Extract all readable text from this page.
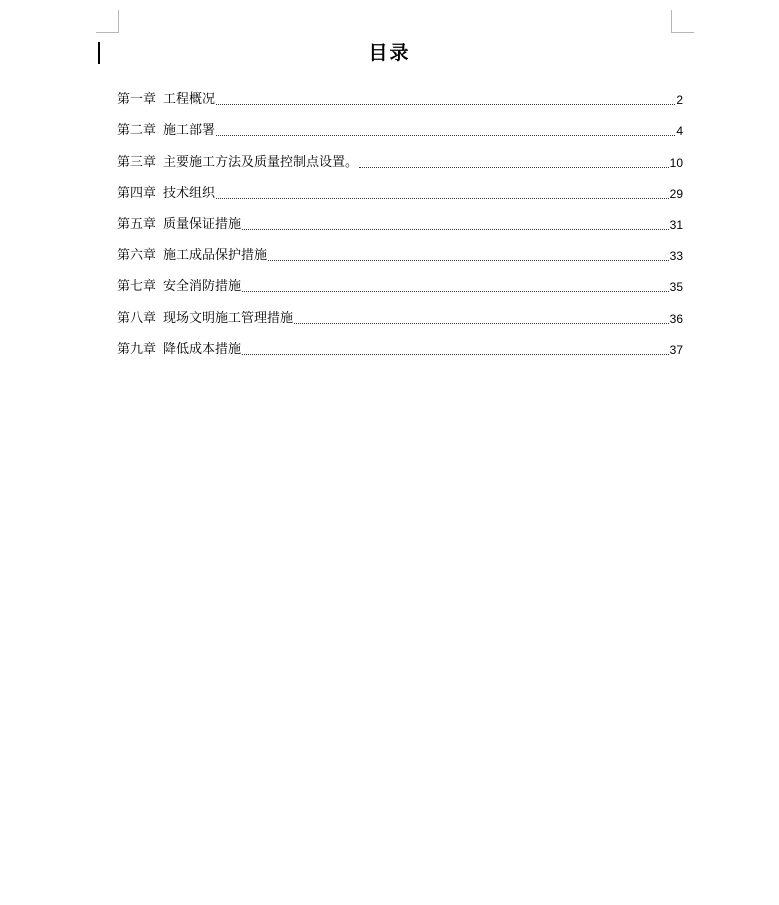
目录
第一章 工程概况	2
第二章 施工部署	4
第三章 主要施工方法及质量控制点设置。	10
第四章 技术组织	29
第五章 质量保证措施	31
第六章 施工成品保护措施	33
第七章 安全消防措施	35
第八章 现场文明施工管理措施	36
第九章 降低成本措施	37
